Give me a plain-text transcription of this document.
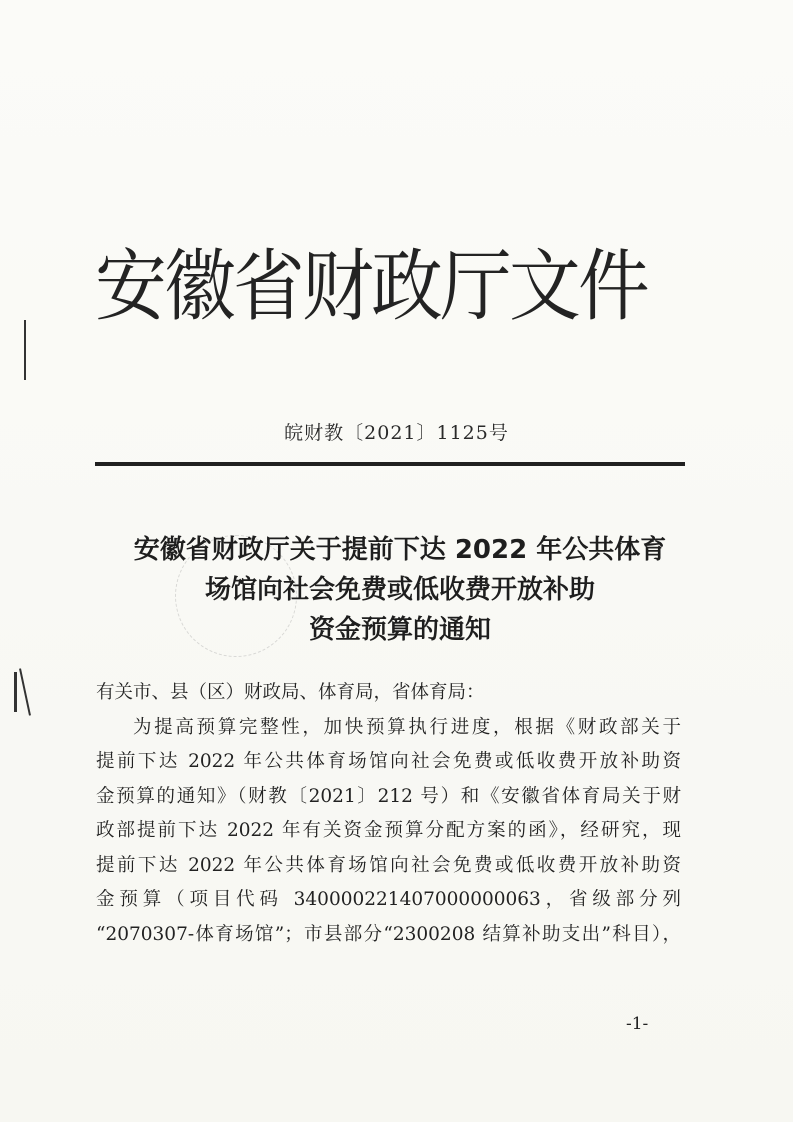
安徽省财政厅文件
皖财教〔2021〕1125号
安徽省财政厅关于提前下达 2022 年公共体育
场馆向社会免费或低收费开放补助
资金预算的通知
有关市、县（区）财政局、体育局，省体育局：
为提高预算完整性，加快预算执行进度，根据《财政部关于
提前下达 2022 年公共体育场馆向社会免费或低收费开放补助资
金预算的通知》（财教〔2021〕212 号）和《安徽省体育局关于财
政部提前下达 2022 年有关资金预算分配方案的函》，经研究，现
提前下达 2022 年公共体育场馆向社会免费或低收费开放补助资
金预算（项目代码 340000221407000000063，省级部分列
“2070307-体育场馆”；市县部分“2300208 结算补助支出”科目），
-1-
